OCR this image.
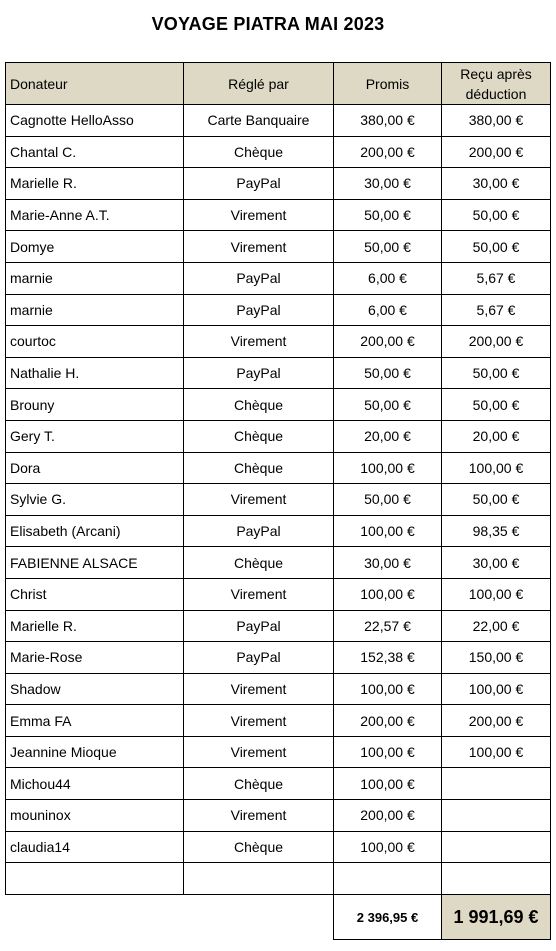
VOYAGE PIATRA MAI 2023
Donateur	Réglé par	Promis	Reçu après déduction
Cagnotte HelloAsso	Carte Banquaire	380,00 €	380,00 €
Chantal C.	Chèque	200,00 €	200,00 €
Marielle R.	PayPal	30,00 €	30,00 €
Marie-Anne A.T.	Virement	50,00 €	50,00 €
Domye	Virement	50,00 €	50,00 €
marnie	PayPal	6,00 €	5,67 €
marnie	PayPal	6,00 €	5,67 €
courtoc	Virement	200,00 €	200,00 €
Nathalie H.	PayPal	50,00 €	50,00 €
Brouny	Chèque	50,00 €	50,00 €
Gery T.	Chèque	20,00 €	20,00 €
Dora	Chèque	100,00 €	100,00 €
Sylvie G.	Virement	50,00 €	50,00 €
Elisabeth (Arcani)	PayPal	100,00 €	98,35 €
FABIENNE ALSACE	Chèque	30,00 €	30,00 €
Christ	Virement	100,00 €	100,00 €
Marielle R.	PayPal	22,57 €	22,00 €
Marie-Rose	PayPal	152,38 €	150,00 €
Shadow	Virement	100,00 €	100,00 €
Emma FA	Virement	200,00 €	200,00 €
Jeannine Mioque	Virement	100,00 €	100,00 €
Michou44	Chèque	100,00 €	
mouninox	Virement	200,00 €	
claudia14	Chèque	100,00 €	

		2 396,95 €	1 991,69 €
